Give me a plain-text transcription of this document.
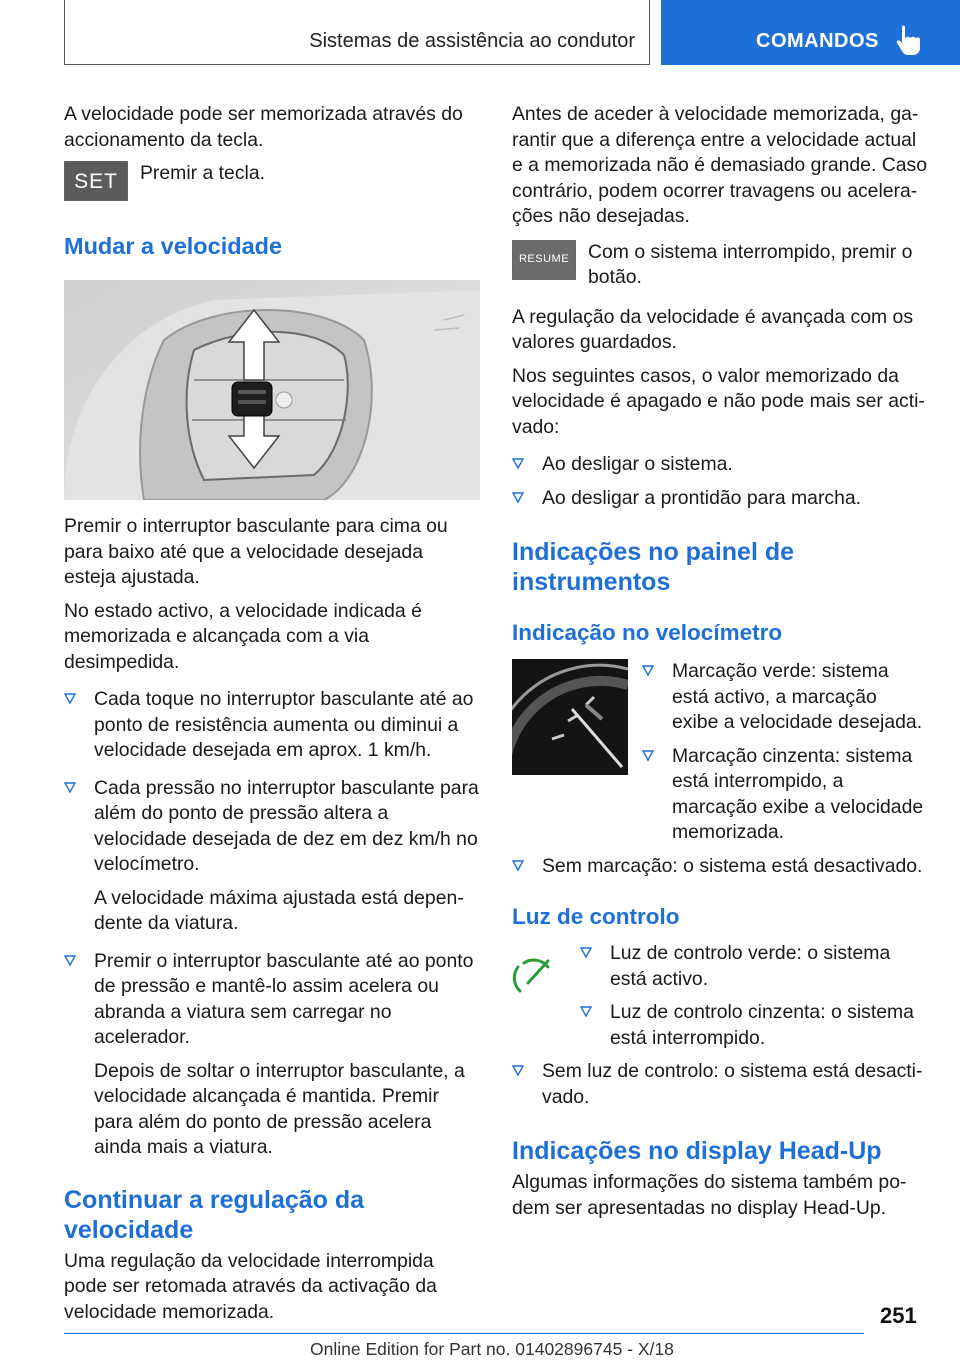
Sistemas de assistência ao condutor	COMANDOS

A velocidade pode ser memorizada através do accionamento da tecla.

SET	Premir a tecla.

Mudar a velocidade

Premir o interruptor basculante para cima ou para baixo até que a velocidade desejada esteja ajustada.

No estado activo, a velocidade indicada é memorizada e alcançada com a via desimpedida.

Cada toque no interruptor basculante até ao ponto de resistência aumenta ou diminui a velocidade desejada em aprox. 1 km/h.
Cada pressão no interruptor basculante para além do ponto de pressão altera a velocidade desejada de dez em dez km/h no velocímetro.

A velocidade máxima ajustada está dependente da viatura.

Premir o interruptor basculante até ao ponto de pressão e mantê-lo assim acelera ou abranda a viatura sem carregar no acelerador.

Depois de soltar o interruptor basculante, a velocidade alcançada é mantida. Premir para além do ponto de pressão acelera ainda mais a viatura.

Continuar a regulação da velocidade

Uma regulação da velocidade interrompida pode ser retomada através da activação da velocidade memorizada.

Antes de aceder à velocidade memorizada, garantir que a diferença entre a velocidade actual e a memorizada não é demasiado grande. Caso contrário, podem ocorrer travagens ou acelerações não desejadas.

RESUME Com o sistema interrompido, premir o botão.

A regulação da velocidade é avançada com os valores guardados.

Nos seguintes casos, o valor memorizado da velocidade é apagado e não pode mais ser activado:

Ao desligar o sistema.
Ao desligar a prontidão para marcha.
Indicações no painel de instrumentos
Indicação no velocímetro
Marcação verde: sistema está activo, a marcação exibe a velocidade desejada.
Marcação cinzenta: sistema está interrompido, a marcação exibe a velocidade memorizada.
Sem marcação: o sistema está desactivado.
Luz de controlo
Luz de controlo verde: o sistema está activo.
Luz de controlo cinzenta: o sistema está interrompido.
Sem luz de controlo: o sistema está desactivado.
Indicações no display Head-Up

Algumas informações do sistema também podem ser apresentadas no display Head-Up.

251
Online Edition for Part no. 01402896745 - X/18
